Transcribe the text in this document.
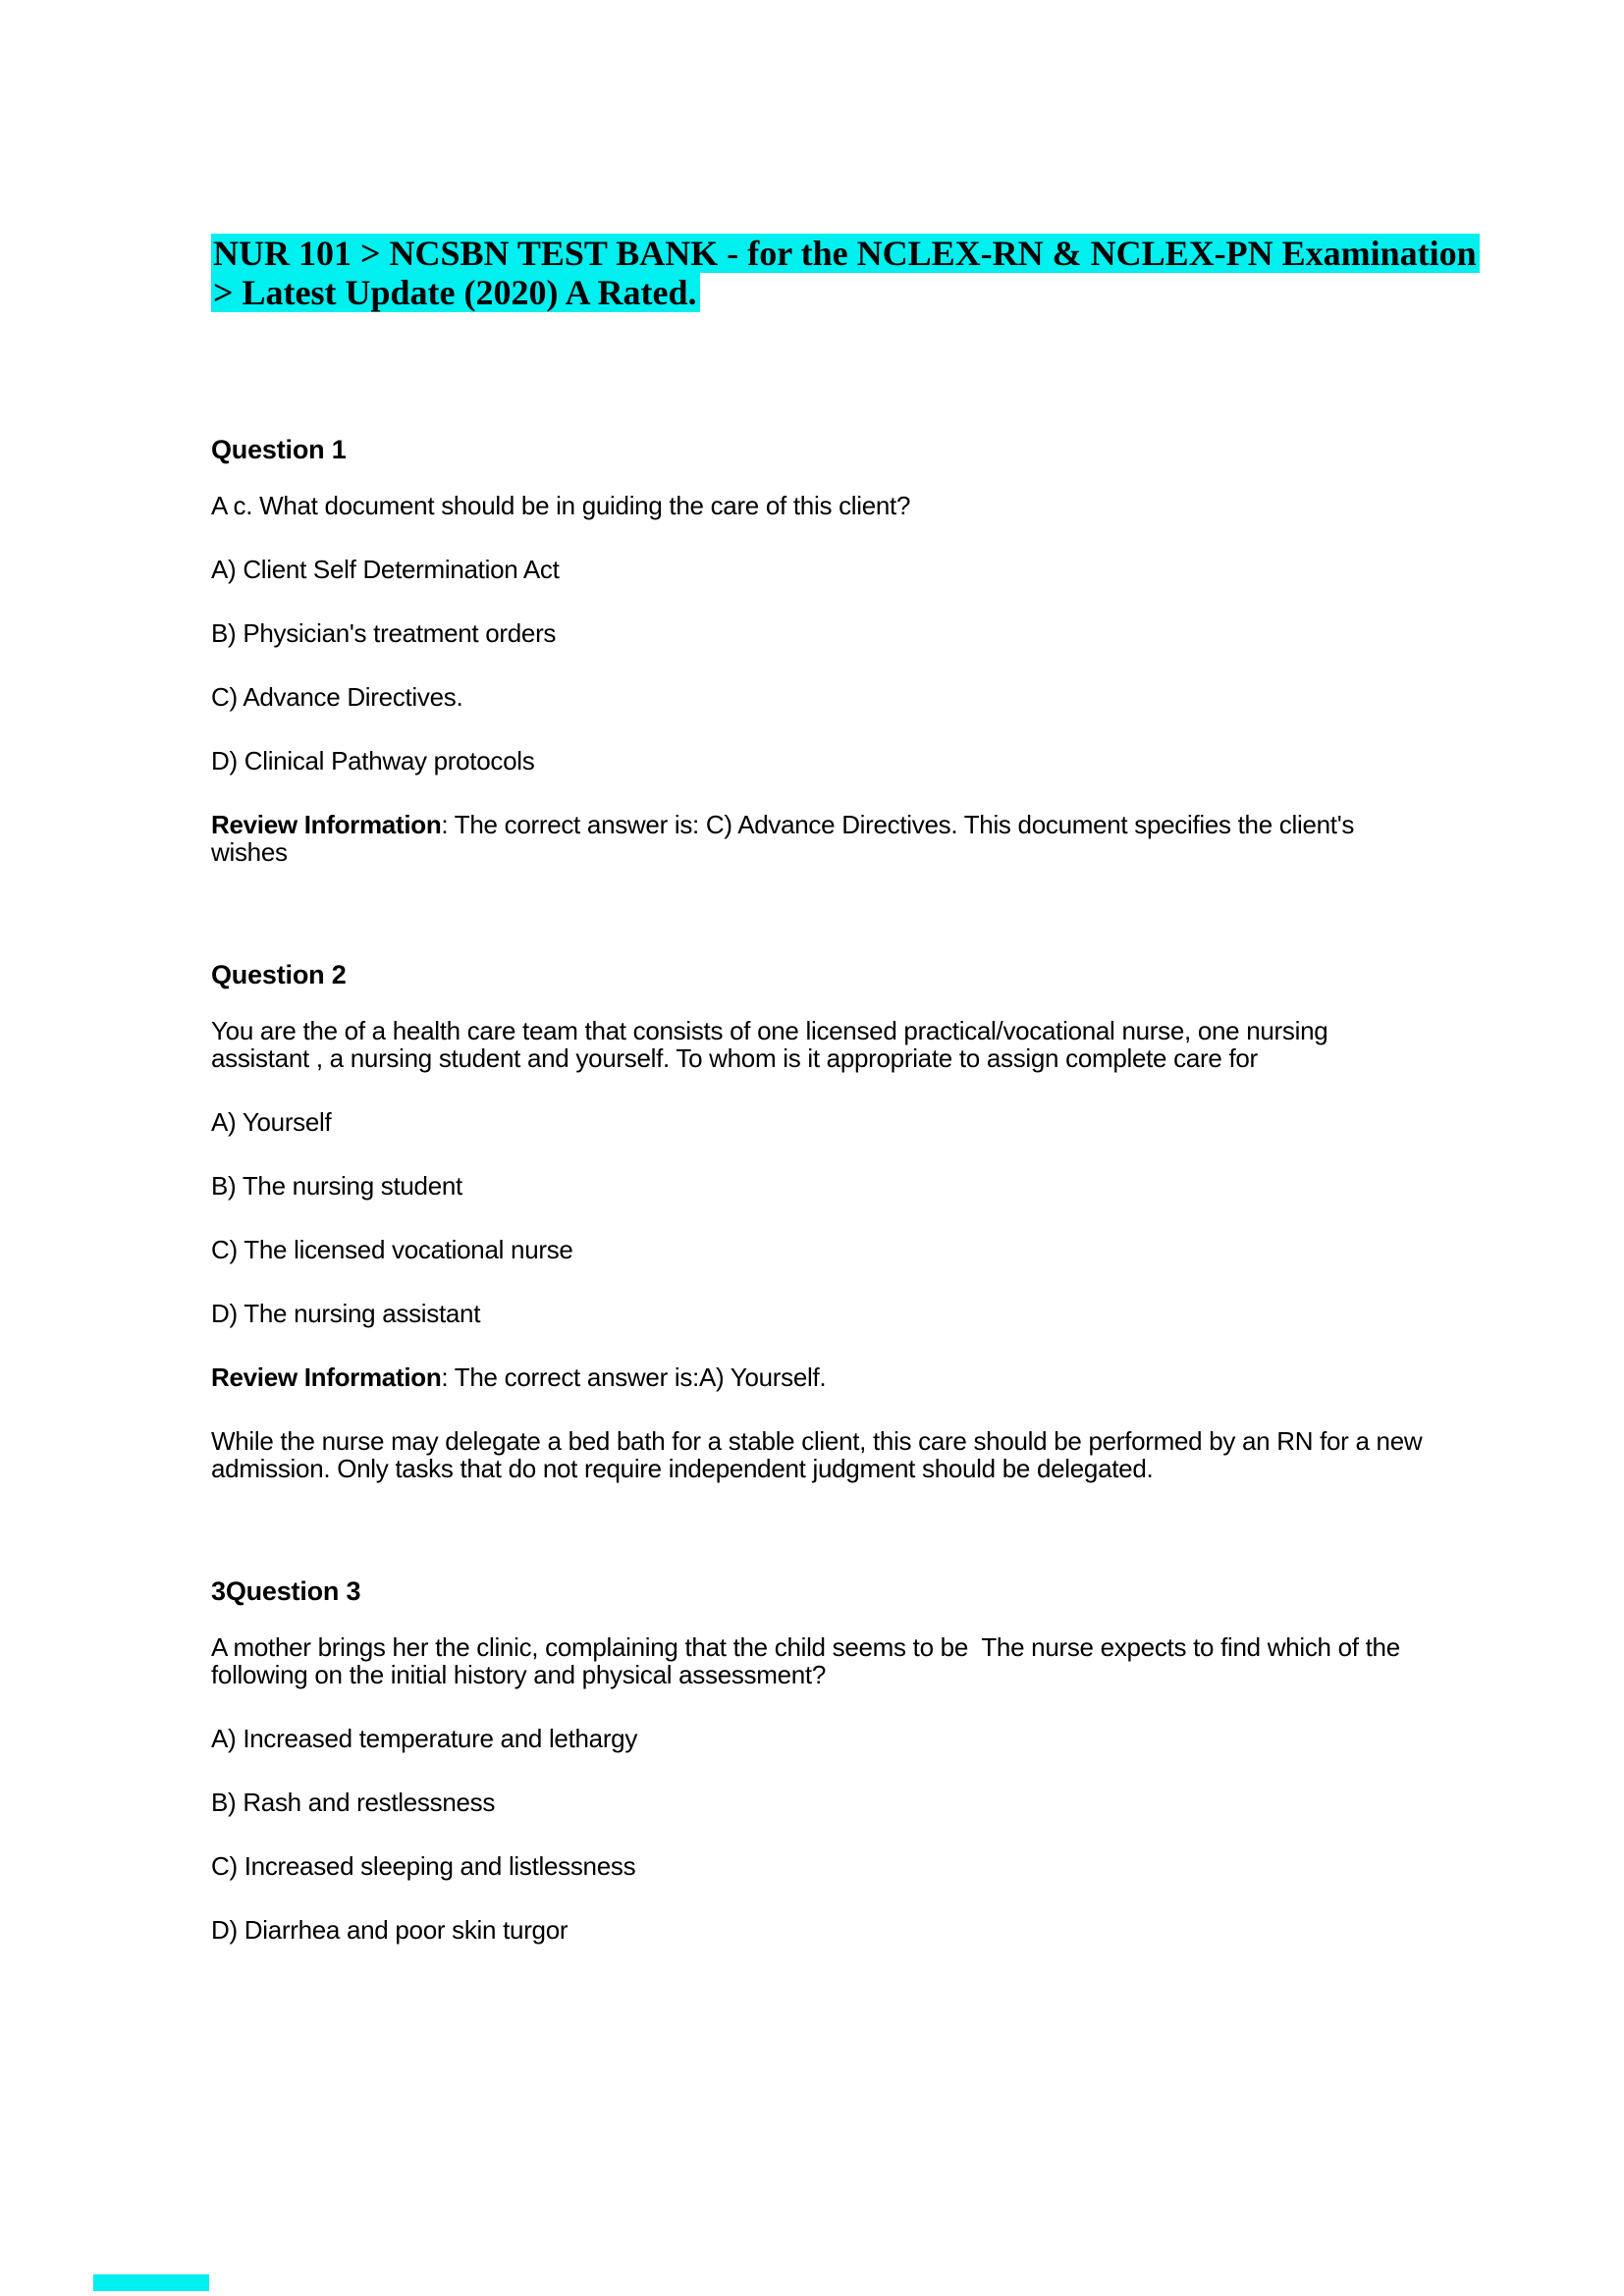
NUR 101 > NCSBN TEST BANK - for the NCLEX-RN & NCLEX-PN Examination
> Latest Update (2020) A Rated.
Question 1

A c. What document should be in guiding the care of this client?

A) Client Self Determination Act

B) Physician's treatment orders

C) Advance Directives.

D) Clinical Pathway protocols

Review Information: The correct answer is: C) Advance Directives. This document specifies the client's wishes

Question 2

You are the of a health care team that consists of one licensed practical/vocational nurse, one nursing assistant , a nursing student and yourself. To whom is it appropriate to assign complete care for

A) Yourself

B) The nursing student

C) The licensed vocational nurse

D) The nursing assistant

Review Information: The correct answer is:A) Yourself.

While the nurse may delegate a bed bath for a stable client, this care should be performed by an RN for a new admission. Only tasks that do not require independent judgment should be delegated.

3Question 3

A mother brings her the clinic, complaining that the child seems to be  The nurse expects to find which of the following on the initial history and physical assessment?

A) Increased temperature and lethargy

B) Rash and restlessness

C) Increased sleeping and listlessness

D) Diarrhea and poor skin turgor
